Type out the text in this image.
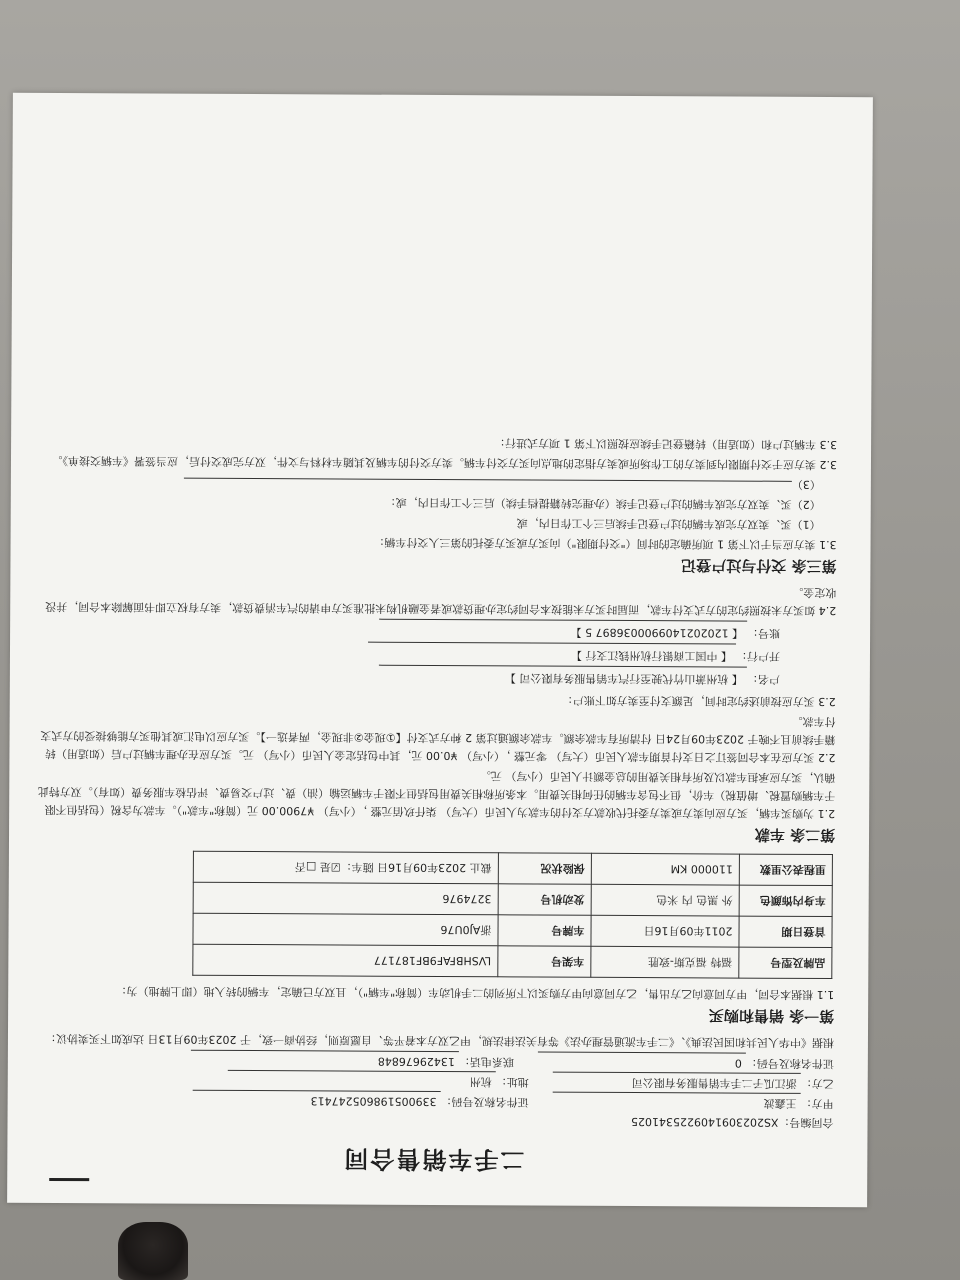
二手车销售合同
合同编号：XS2023091409225341025
甲方：
王鑫波
证件名称及号码：
339005198605247413
乙方：
浙江瓜子二手车销售服务有限公司
地址：
杭州
证件名称及号码：
0
联系电话：
13429676848
根据《中华人民共和国民法典》、《二手车流通管理办法》等有关法律法规，甲乙双方本着平等、自愿原则，经协商一致，于 2023年09月13日 达成如下买卖协议：
第一条 销售和购买
1.1 根据本合同，甲方同意向乙方出售，乙方同意向甲方购买以下所列的二手机动车（简称"车辆"），且双方已确定，车辆的转入地（即上牌地）为：
品牌及型号	福特 福克斯-致胜	车架号	LVSHBFAF9BF187177
首登日期	2011年09月16日	车牌号	浙AJ0U76
车身内饰颜色	外 黑色 内 米色	发动机号	3274976
里程表公里数	110000 KM	保险状况	截止 2023年09月16日 随车：☑是 □否
第二条 车款
2.1 为购买车辆，买方应向卖方或卖方委托代收款方支付的车款为人民币（大写） 柒仟玖佰元整 ，（小写） ¥7900.00 元（简称"车款"）。车款为含税（包括但不限于车辆购置税、增值税）车价，但不包含车辆的任何相关费用。本条所称相关费用包括但不限于车辆运输（油）费、过户交易费、评估检车服务费（如有）。双方特此确认，买方应承担车款以及所有相关费用的总金额计人民币（小写） 元。
2.2 买方应在本合同签订之日支付首期车款人民币（大写） 零元整 ，（小写） ¥0.00 元，其中包括定金人民币（小写） 元。买方应在办理车辆过户后（如适用）转籍手续前且不晚于 2023年09月24日 付清所有车款余额。车款余额通过第 2 种方式支付【①现金②非现金，两者选一】。买方应以电汇或其他买方能够接受的方式支付车款。
2.3 买方应按前述约定时间，足额支付至卖方如下账户：
户名：【 杭州萧山竹代驶至行汽车销售服务有限公司 】
开户行：【 中国工商银行杭州钱江支行 】
账号：【 1202021409900036897 5 】
2.4 如买方未按照约定的方式支付车款，而届时买方未能按本合同约定办理贷款或者金融机构未批准买方申请的汽车消费贷款，卖方有权立即书面解除本合同，并没收定金。
第三条 交付与过户登记
3.1 卖方应当于以下第 1 项所确定的时间（"交付期限"）向买方或买方委托的第三人交付车辆：
（1）买、卖双方完成车辆的过户登记手续后三个工作日内，或
（2）买、卖双方完成车辆的过户登记手续（办理完转籍提档手续）后三个工作日内，或：
（3）
3.2 卖方应于交付期限内到卖方的工作场所或卖方指定的地点向买方交付车辆。卖方交付的车辆及其随车材料与文件，双方完成交付后，应当签署《车辆交接单》。
3.3 车辆过户和（如适用）转籍登记手续应按照以下第 1 项方式进行：
